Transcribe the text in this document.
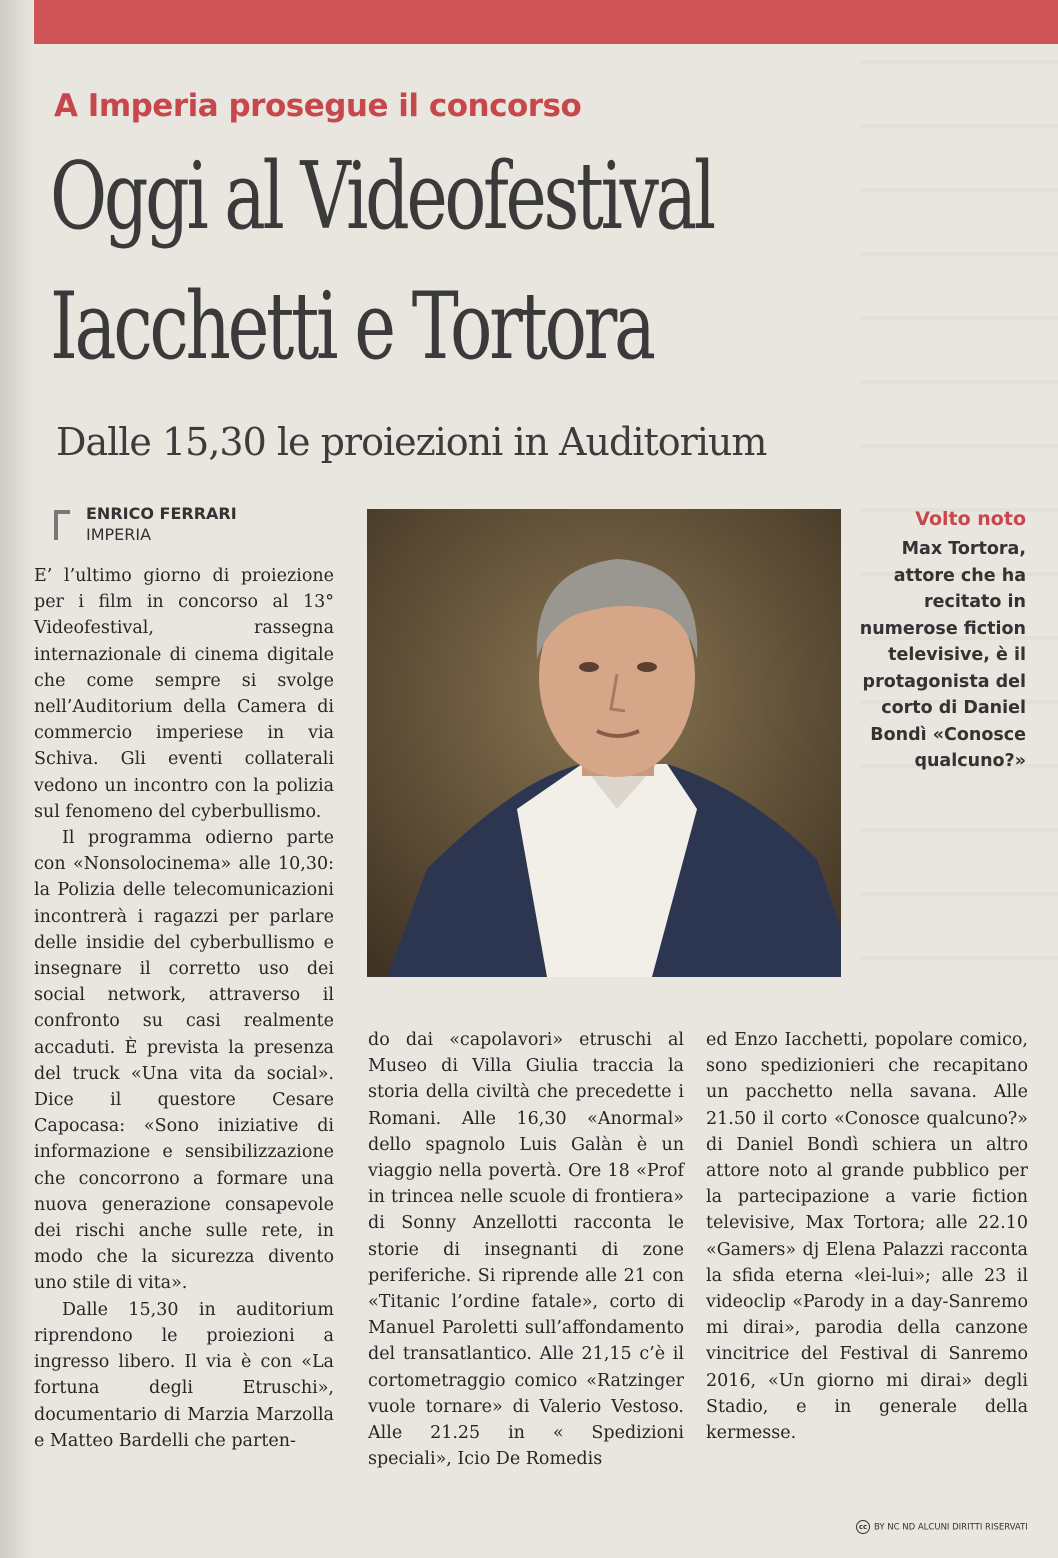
A Imperia prosegue il concorso
Oggi al Videofestival
Iacchetti e Tortora
Dalle 15,30 le proiezioni in Auditorium
ENRICO FERRARI
IMPERIA

E’ l’ultimo giorno di proiezione per i film in concorso al 13° Videofestival, rassegna internazionale di cinema digitale che come sempre si svolge nell’Auditorium della Camera di commercio imperiese in via Schiva. Gli eventi collaterali vedono un incontro con la polizia sul fenomeno del cyberbullismo.

Il programma odierno parte con «Nonsolocinema» alle 10,30: la Polizia delle telecomunicazioni incontrerà i ragazzi per parlare delle insidie del cyberbullismo e insegnare il corretto uso dei social network, attraverso il confronto su casi realmente accaduti. È prevista la presenza del truck «Una vita da social». Dice il questore Cesare Capocasa: «Sono iniziative di informazione e sensibilizzazione che concorrono a formare una nuova generazione consapevole dei rischi anche sulle rete, in modo che la sicurezza divento uno stile di vita».

Dalle 15,30 in auditorium riprendono le proiezioni a ingresso libero. Il via è con «La fortuna degli Etruschi», documentario di Marzia Marzolla e Matteo Bardelli che parten-

Volto noto
Max Tortora, attore che ha recitato in numerose fiction televisive, è il protagonista del corto di Daniel Bondì «Conosce qualcuno?»

do dai «capolavori» etruschi al Museo di Villa Giulia traccia la storia della civiltà che precedette i Romani. Alle 16,30 «Anormal» dello spagnolo Luis Galàn è un viaggio nella povertà. Ore 18 «Prof in trincea nelle scuole di frontiera» di Sonny Anzellotti racconta le storie di insegnanti di zone periferiche. Si riprende alle 21 con «Titanic l’ordine fatale», corto di Manuel Paroletti sull’affondamento del transatlantico. Alle 21,15 c’è il cortometraggio comico «Ratzinger vuole tornare» di Valerio Vestoso. Alle 21.25 in « Spedizioni speciali», Icio De Romedis

ed Enzo Iacchetti, popolare comico, sono spedizionieri che recapitano un pacchetto nella savana. Alle 21.50 il corto «Conosce qualcuno?» di Daniel Bondì schiera un altro attore noto al grande pubblico per la partecipazione a varie fiction televisive, Max Tortora; alle 22.10 «Gamers» dj Elena Palazzi racconta la sfida eterna «lei-lui»; alle 23 il videoclip «Parody in a day-Sanremo mi dirai», parodia della canzone vincitrice del Festival di Sanremo 2016, «Un giorno mi dirai» degli Stadio, e in generale della kermesse.

cc BY NC ND ALCUNI DIRITTI RISERVATI
